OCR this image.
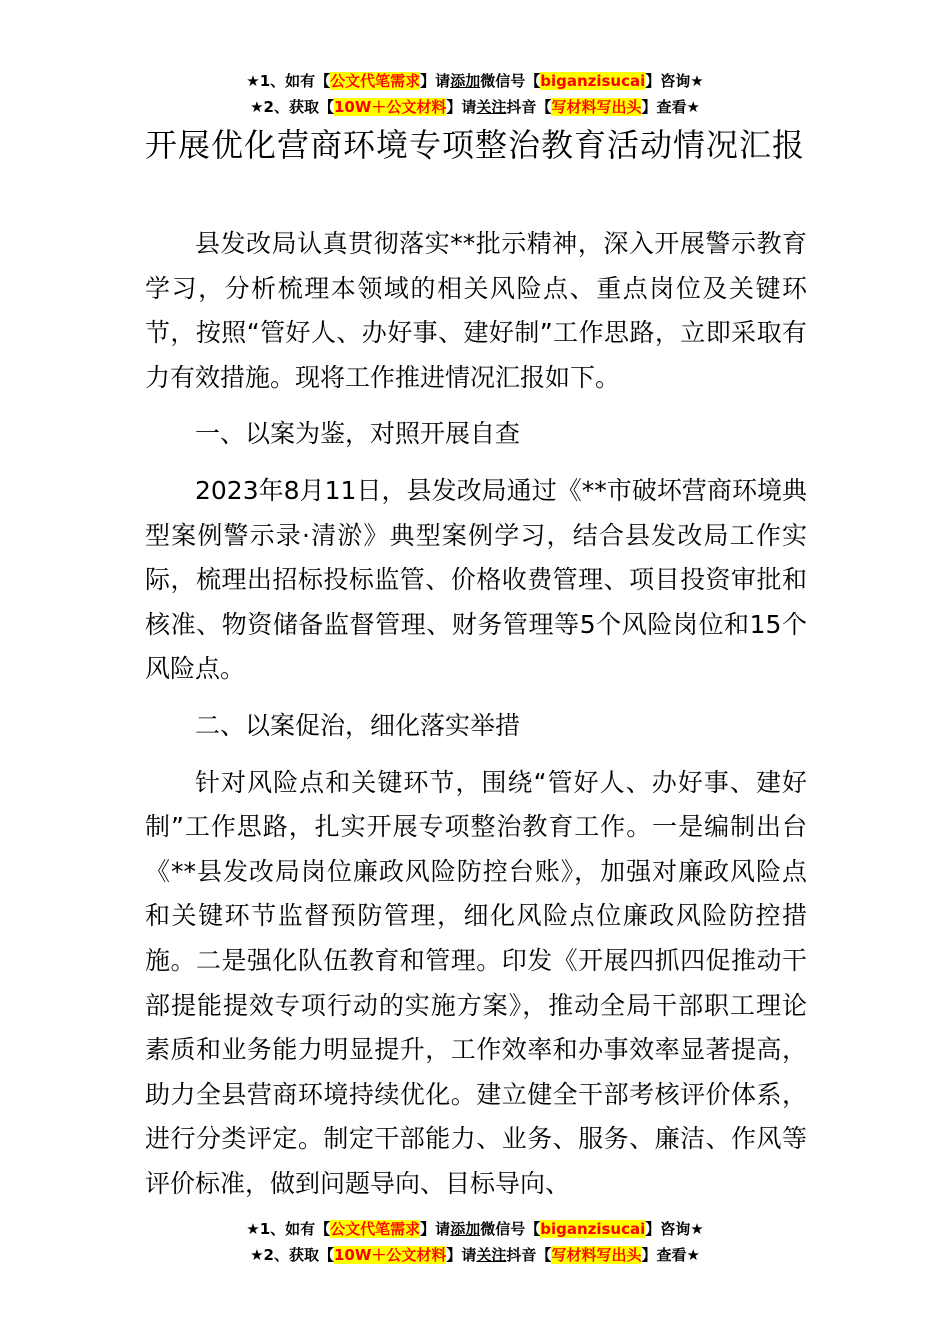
★1、如有【公文代笔需求】请添加微信号【biganzisucai】咨询★
★2、获取【10W＋公文材料】请关注抖音【写材料写出头】查看★
开展优化营商环境专项整治教育活动情况汇报

县发改局认真贯彻落实**批示精神，深入开展警示教育学习，分析梳理本领域的相关风险点、重点岗位及关键环节，按照“管好人、办好事、建好制”工作思路，立即采取有力有效措施。现将工作推进情况汇报如下。

一、以案为鉴，对照开展自查

2023年8月11日，县发改局通过《**市破坏营商环境典型案例警示录·清淤》典型案例学习，结合县发改局工作实际，梳理出招标投标监管、价格收费管理、项目投资审批和核准、物资储备监督管理、财务管理等5个风险岗位和15个风险点。

二、以案促治，细化落实举措

针对风险点和关键环节，围绕“管好人、办好事、建好制”工作思路，扎实开展专项整治教育工作。一是编制出台《**县发改局岗位廉政风险防控台账》，加强对廉政风险点和关键环节监督预防管理，细化风险点位廉政风险防控措施。二是强化队伍教育和管理。印发《开展四抓四促推动干部提能提效专项行动的实施方案》，推动全局干部职工理论素质和业务能力明显提升，工作效率和办事效率显著提高，助力全县营商环境持续优化。建立健全干部考核评价体系，进行分类评定。制定干部能力、业务、服务、廉洁、作风等评价标准，做到问题导向、目标导向、

★1、如有【公文代笔需求】请添加微信号【biganzisucai】咨询★
★2、获取【10W＋公文材料】请关注抖音【写材料写出头】查看★
